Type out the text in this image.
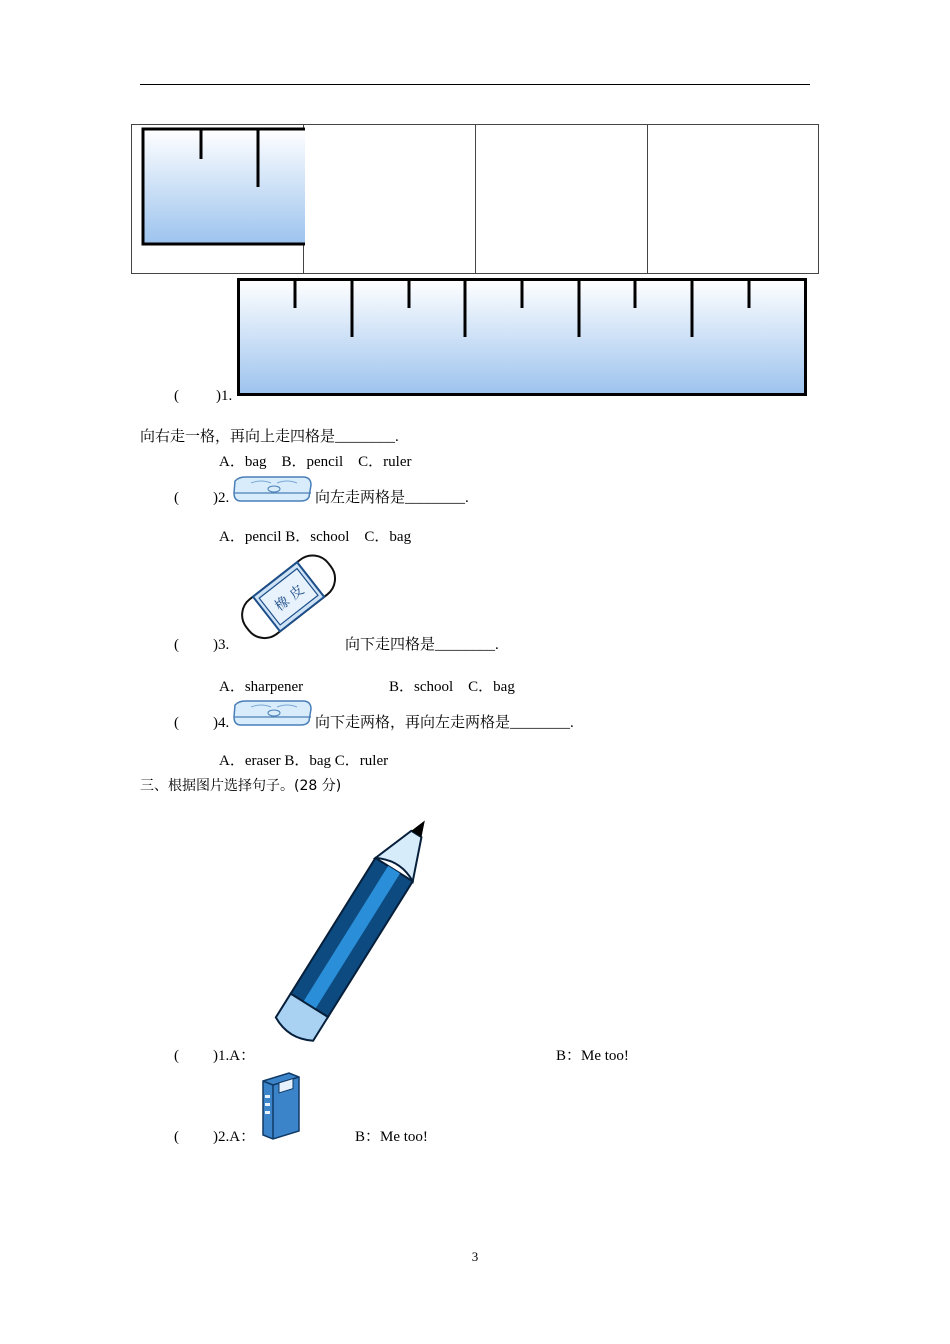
( )1.
向右走一格，再向上走四格是________.
A．bag　B．pencil　C．ruler
( )2.	向左走两格是________.
A．pencil B．school　C．bag
橡 皮
( )3.	向下走四格是________.
A．sharpener	B．school　C．bag
( )4.	向下走两格，再向左走两格是________.
A．eraser B．bag C．ruler
三、根据图片选择句子。(28 分)
( )1.A：	B：Me too!
( )2.A：	B：Me too!
3
